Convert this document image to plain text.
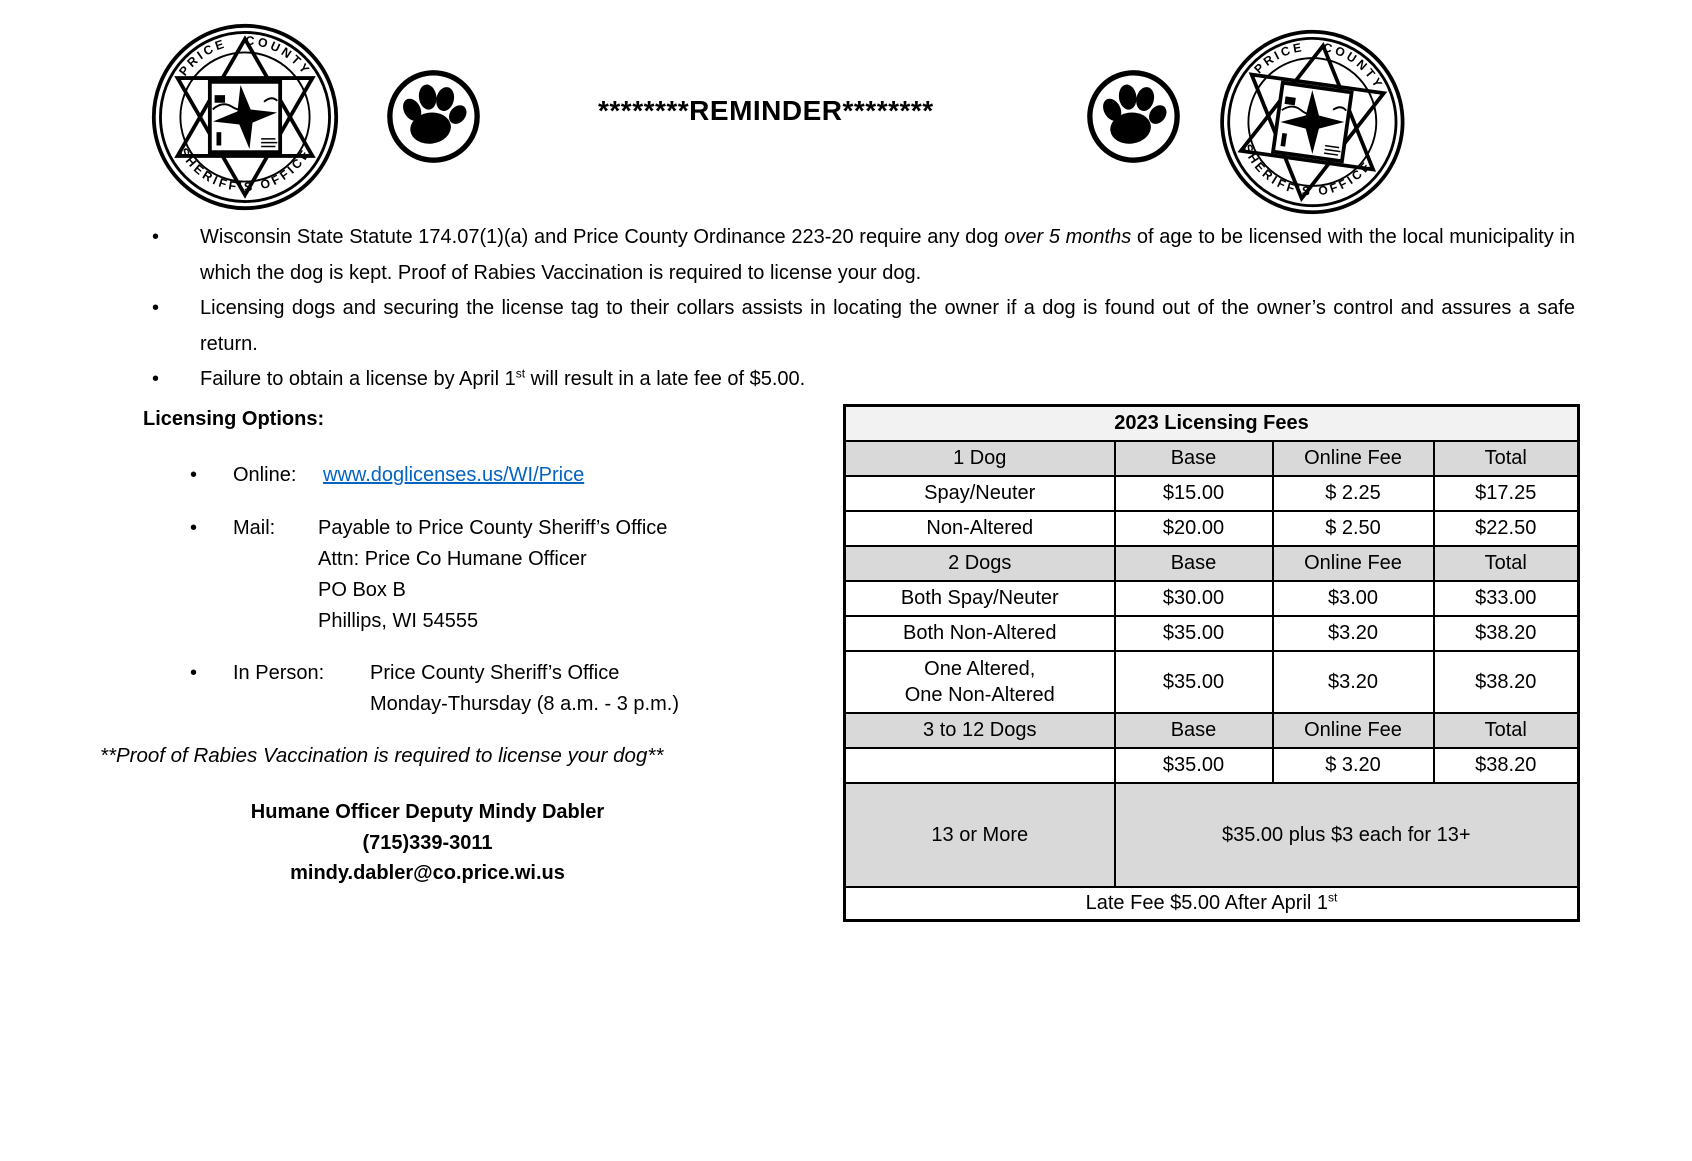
PRICE COUNTY
SHERIFF'S OFFICE
********REMINDER********
PRICE COUNTY
SHERIFF'S OFFICE
•	Wisconsin State Statute 174.07(1)(a) and Price County Ordinance 223-20 require any dog over 5 months of age to be licensed with the local municipality in which the dog is kept. Proof of Rabies Vaccination is required to license your dog.
•	Licensing dogs and securing the license tag to their collars assists in locating the owner if a dog is found out of the owner’s control and assures a safe return.
•	Failure to obtain a license by April 1st will result in a late fee of $5.00.
Licensing Options:
•	Online:	www.doglicenses.us/WI/Price
•	Mail:	Payable to Price County Sheriff’s Office
Attn: Price Co Humane Officer
PO Box B
Phillips, WI 54555
•	In Person:	Price County Sheriff’s Office
Monday-Thursday (8 a.m. - 3 p.m.)
**Proof of Rabies Vaccination is required to license your dog**
Humane Officer Deputy Mindy Dabler
(715)339-3011
mindy.dabler@co.price.wi.us
2023 Licensing Fees			
1 Dog	Base	Online Fee	Total
Spay/Neuter	$15.00	$ 2.25	$17.25
Non-Altered	$20.00	$ 2.50	$22.50
2 Dogs	Base	Online Fee	Total
Both Spay/Neuter	$30.00	$3.00	$33.00
Both Non-Altered	$35.00	$3.20	$38.20
One Altered,
One Non-Altered	$35.00	$3.20	$38.20
3 to 12 Dogs	Base	Online Fee	Total
	$35.00	$ 3.20	$38.20
13 or More	$35.00 plus $3 each for 13+		
Late Fee $5.00 After April 1st
